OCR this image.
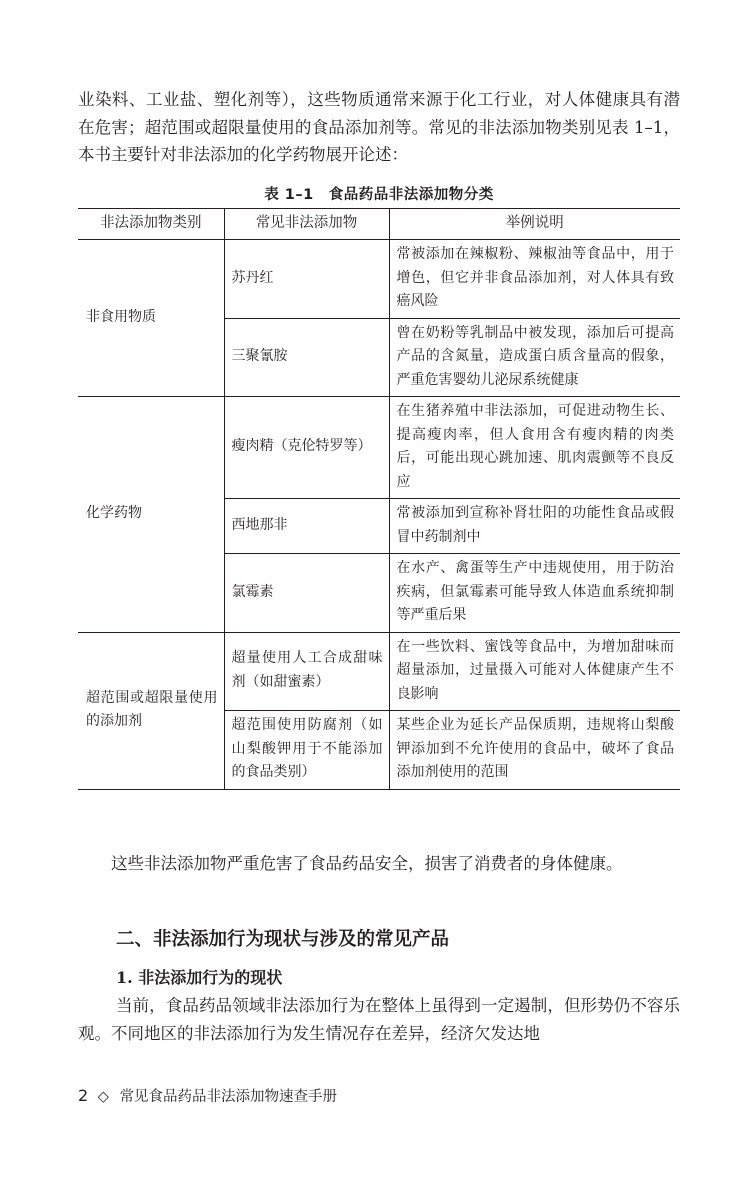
业染料、工业盐、塑化剂等），这些物质通常来源于化工行业，对人体健康具有潜在危害；超范围或超限量使用的食品添加剂等。常见的非法添加物类别见表 1–1，本书主要针对非法添加的化学药物展开论述：

表 1–1　食品药品非法添加物分类
非法添加物类别	常见非法添加物	举例说明
非食用物质	苏丹红	常被添加在辣椒粉、辣椒油等食品中，用于增色，但它并非食品添加剂，对人体具有致癌风险
	三聚氰胺	曾在奶粉等乳制品中被发现，添加后可提高产品的含氮量，造成蛋白质含量高的假象，严重危害婴幼儿泌尿系统健康
化学药物	瘦肉精（克伦特罗等）	在生猪养殖中非法添加，可促进动物生长、提高瘦肉率，但人食用含有瘦肉精的肉类后，可能出现心跳加速、肌肉震颤等不良反应
	西地那非	常被添加到宣称补肾壮阳的功能性食品或假冒中药制剂中
	氯霉素	在水产、禽蛋等生产中违规使用，用于防治疾病，但氯霉素可能导致人体造血系统抑制等严重后果
超范围或超限量使用的添加剂	超量使用人工合成甜味剂（如甜蜜素）	在一些饮料、蜜饯等食品中，为增加甜味而超量添加，过量摄入可能对人体健康产生不良影响
	超范围使用防腐剂（如山梨酸钾用于不能添加的食品类别）	某些企业为延长产品保质期，违规将山梨酸钾添加到不允许使用的食品中，破坏了食品添加剂使用的范围

这些非法添加物严重危害了食品药品安全，损害了消费者的身体健康。

二、非法添加行为现状与涉及的常见产品
1. 非法添加行为的现状

当前，食品药品领域非法添加行为在整体上虽得到一定遏制，但形势仍不容乐观。不同地区的非法添加行为发生情况存在差异，经济欠发达地

2 ◇ 常见食品药品非法添加物速查手册
